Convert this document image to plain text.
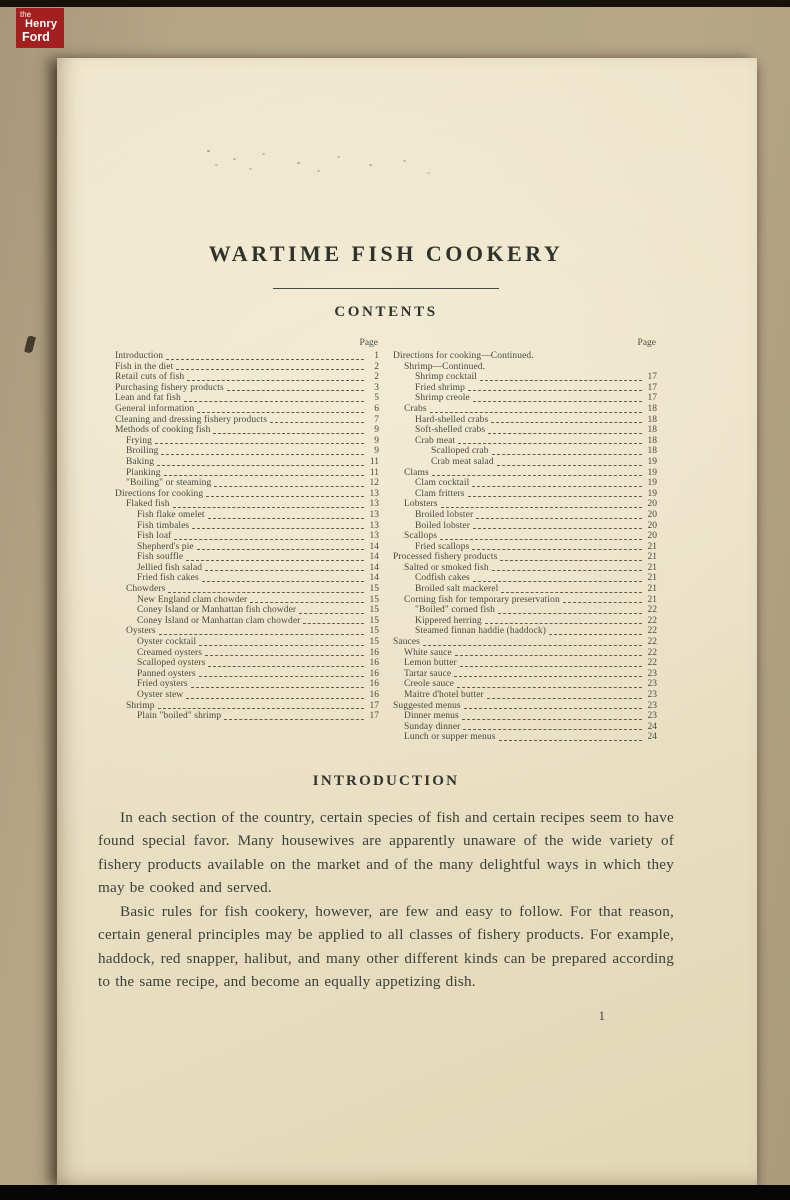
the
Henry
Ford
WARTIME FISH COOKERY
CONTENTS
Page
Introduction	1
Fish in the diet	2
Retail cuts of fish	2
Purchasing fishery products	3
Lean and fat fish	5
General information	6
Cleaning and dressing fishery products	7
Methods of cooking fish	9
Frying	9
Broiling	9
Baking	11
Planking	11
"Boiling" or steaming	12
Directions for cooking	13
Flaked fish	13
Fish flake omelet	13
Fish timbales	13
Fish loaf	13
Shepherd's pie	14
Fish souffle	14
Jellied fish salad	14
Fried fish cakes	14
Chowders	15
New England clam chowder	15
Coney Island or Manhattan fish chowder	15
Coney Island or Manhattan clam chowder	15
Oysters	15
Oyster cocktail	15
Creamed oysters	16
Scalloped oysters	16
Panned oysters	16
Fried oysters	16
Oyster stew	16
Shrimp	17
Plain "boiled" shrimp	17
Page
Directions for cooking—Continued.
Shrimp—Continued.
Shrimp cocktail	17
Fried shrimp	17
Shrimp creole	17
Crabs	18
Hard-shelled crabs	18
Soft-shelled crabs	18
Crab meat	18
Scalloped crab	18
Crab meat salad	19
Clams	19
Clam cocktail	19
Clam fritters	19
Lobsters	20
Broiled lobster	20
Boiled lobster	20
Scallops	20
Fried scallops	21
Processed fishery products	21
Salted or smoked fish	21
Codfish cakes	21
Broiled salt mackerel	21
Corning fish for temporary preservation	21
"Boiled" corned fish	22
Kippered herring	22
Steamed finnan haddie (haddock)	22
Sauces	22
White sauce	22
Lemon butter	22
Tartar sauce	23
Creole sauce	23
Maitre d'hotel butter	23
Suggested menus	23
Dinner menus	23
Sunday dinner	24
Lunch or supper menus	24
INTRODUCTION

In each section of the country, certain species of fish and certain recipes seem to have found special favor. Many housewives are apparently unaware of the wide variety of fishery products available on the market and of the many delightful ways in which they may be cooked and served.

Basic rules for fish cookery, however, are few and easy to follow. For that reason, certain general principles may be applied to all classes of fishery products. For example, haddock, red snapper, halibut, and many other different kinds can be prepared according to the same recipe, and become an equally appetizing dish.

1
